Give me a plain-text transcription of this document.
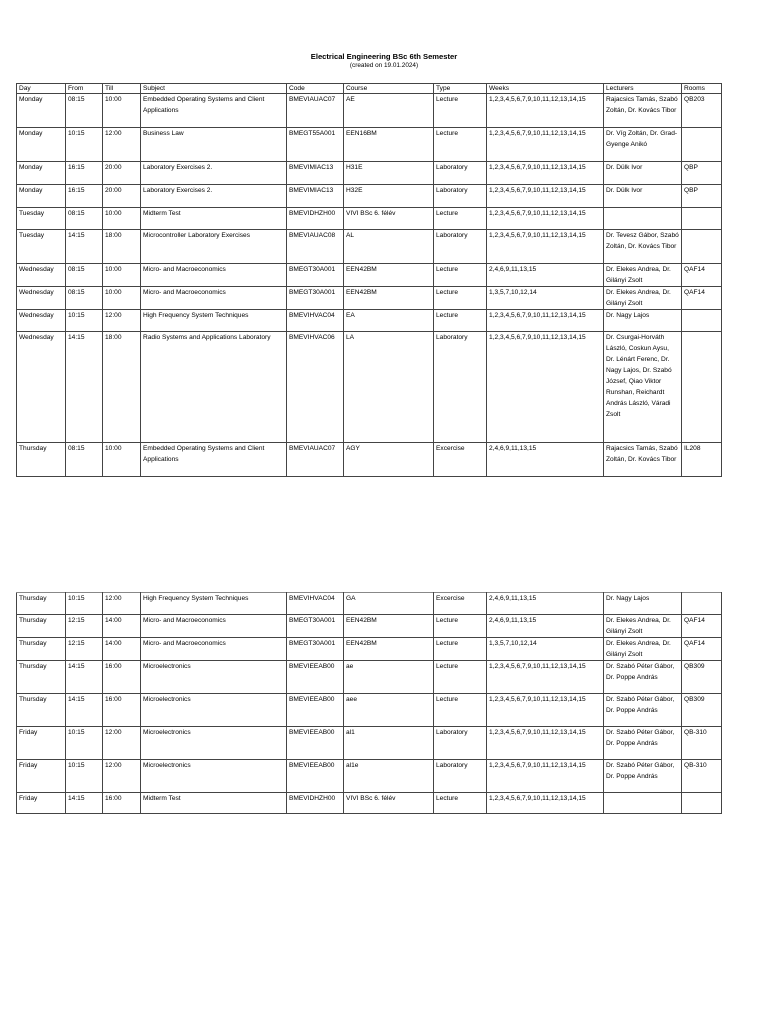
Electrical Engineering BSc 6th Semester
(created on 19.01.2024)
Day	From	Till	Subject	Code	Course	Type	Weeks	Lecturers	Rooms
Monday	08:15	10:00	Embedded Operating Systems and Client Applications	BMEVIAUAC07	AE	Lecture	1,2,3,4,5,6,7,9,10,11,12,13,14,15	Rajacsics Tamás, Szabó Zoltán, Dr. Kovács Tibor	QB203
Monday	10:15	12:00	Business Law	BMEGT55A001	EEN16BM	Lecture	1,2,3,4,5,6,7,9,10,11,12,13,14,15	Dr. Víg Zoltán, Dr. Grad-Gyenge Anikó	
Monday	16:15	20:00	Laboratory Exercises 2.	BMEVIMIAC13	H31E	Laboratory	1,2,3,4,5,6,7,9,10,11,12,13,14,15	Dr. Dülk Ivor	QBP
Monday	16:15	20:00	Laboratory Exercises 2.	BMEVIMIAC13	H32E	Laboratory	1,2,3,4,5,6,7,9,10,11,12,13,14,15	Dr. Dülk Ivor	QBP
Tuesday	08:15	10:00	Midterm Test	BMEVIDHZH00	VIVI BSc 6. félév	Lecture	1,2,3,4,5,6,7,9,10,11,12,13,14,15		
Tuesday	14:15	18:00	Microcontroller Laboratory Exercises	BMEVIAUAC08	AL	Laboratory	1,2,3,4,5,6,7,9,10,11,12,13,14,15	Dr. Tevesz Gábor, Szabó Zoltán, Dr. Kovács Tibor	
Wednesday	08:15	10:00	Micro- and Macroeconomics	BMEGT30A001	EEN42BM	Lecture	2,4,6,9,11,13,15	Dr. Elekes Andrea, Dr. Gilányi Zsolt	QAF14
Wednesday	08:15	10:00	Micro- and Macroeconomics	BMEGT30A001	EEN42BM	Lecture	1,3,5,7,10,12,14	Dr. Elekes Andrea, Dr. Gilányi Zsolt	QAF14
Wednesday	10:15	12:00	High Frequency System Techniques	BMEVIHVAC04	EA	Lecture	1,2,3,4,5,6,7,9,10,11,12,13,14,15	Dr. Nagy Lajos	
Wednesday	14:15	18:00	Radio Systems and Applications Laboratory	BMEVIHVAC06	LA	Laboratory	1,2,3,4,5,6,7,9,10,11,12,13,14,15	Dr. Csurgai-Horváth László, Coskun Aysu, Dr. Lénárt Ferenc, Dr. Nagy Lajos, Dr. Szabó József, Qiao Viktor Runshan, Reichardt András László, Váradi Zsolt	
Thursday	08:15	10:00	Embedded Operating Systems and Client Applications	BMEVIAUAC07	AGY	Excercise	2,4,6,9,11,13,15	Rajacsics Tamás, Szabó Zoltán, Dr. Kovács Tibor	IL208
Thursday	10:15	12:00	High Frequency System Techniques	BMEVIHVAC04	GA	Excercise	2,4,6,9,11,13,15	Dr. Nagy Lajos	
Thursday	12:15	14:00	Micro- and Macroeconomics	BMEGT30A001	EEN42BM	Lecture	2,4,6,9,11,13,15	Dr. Elekes Andrea, Dr. Gilányi Zsolt	QAF14
Thursday	12:15	14:00	Micro- and Macroeconomics	BMEGT30A001	EEN42BM	Lecture	1,3,5,7,10,12,14	Dr. Elekes Andrea, Dr. Gilányi Zsolt	QAF14
Thursday	14:15	16:00	Microelectronics	BMEVIEEAB00	ae	Lecture	1,2,3,4,5,6,7,9,10,11,12,13,14,15	Dr. Szabó Péter Gábor, Dr. Poppe András	QB309
Thursday	14:15	16:00	Microelectronics	BMEVIEEAB00	aee	Lecture	1,2,3,4,5,6,7,9,10,11,12,13,14,15	Dr. Szabó Péter Gábor, Dr. Poppe András	QB309
Friday	10:15	12:00	Microelectronics	BMEVIEEAB00	al1	Laboratory	1,2,3,4,5,6,7,9,10,11,12,13,14,15	Dr. Szabó Péter Gábor, Dr. Poppe András	QB-310
Friday	10:15	12:00	Microelectronics	BMEVIEEAB00	al1e	Laboratory	1,2,3,4,5,6,7,9,10,11,12,13,14,15	Dr. Szabó Péter Gábor, Dr. Poppe András	QB-310
Friday	14:15	16:00	Midterm Test	BMEVIDHZH00	VIVI BSc 6. félév	Lecture	1,2,3,4,5,6,7,9,10,11,12,13,14,15		
